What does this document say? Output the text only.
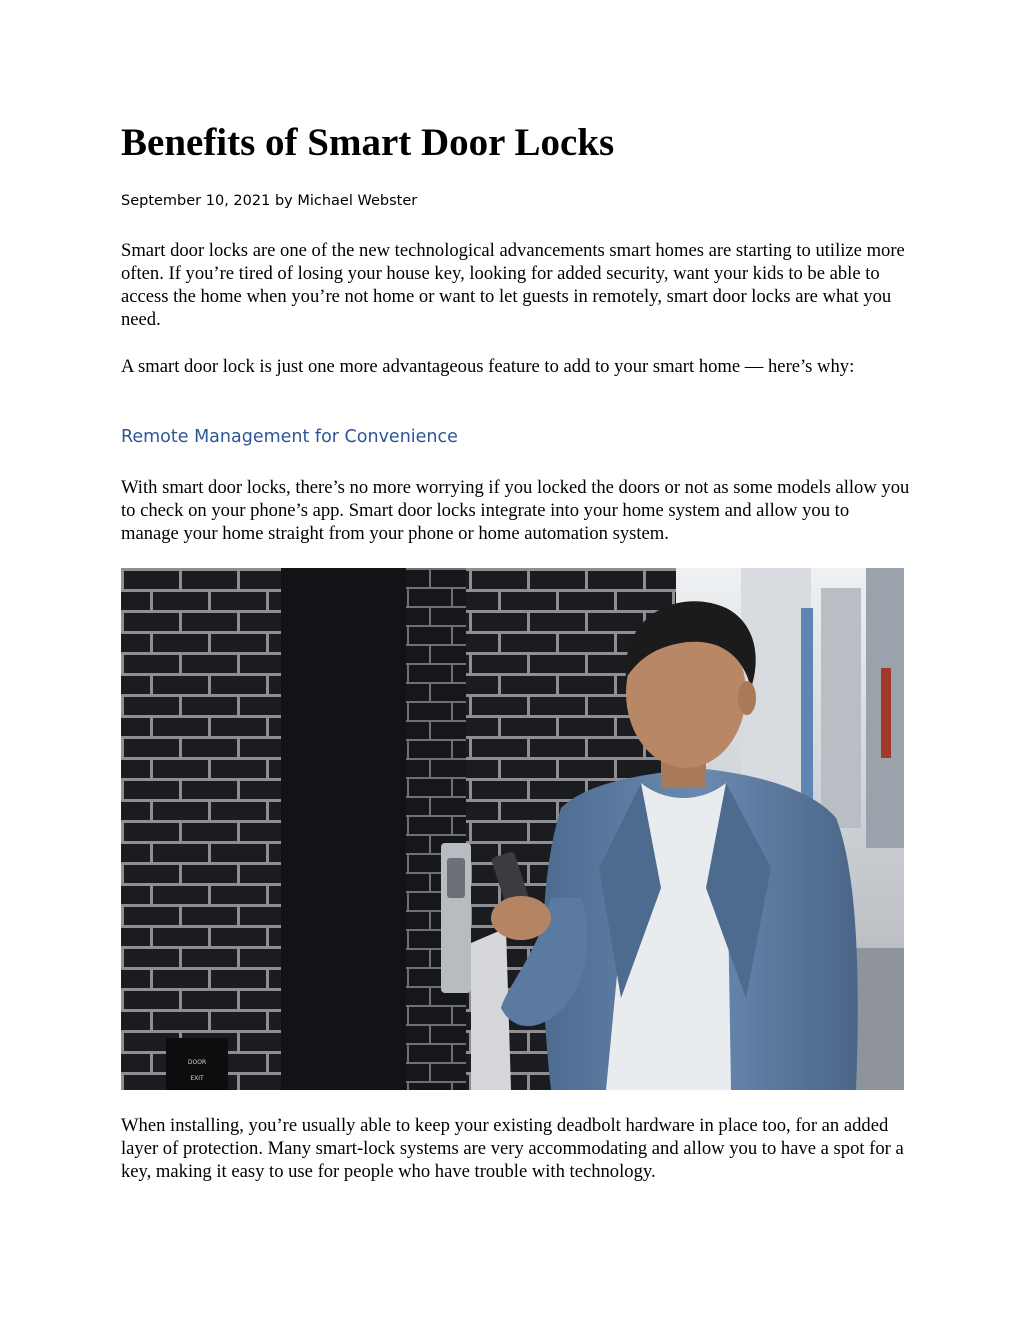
Benefits of Smart Door Locks
September 10, 2021 by Michael Webster

Smart door locks are one of the new technological advancements smart homes are starting to utilize more often. If you’re tired of losing your house key, looking for added security, want your kids to be able to access the home when you’re not home or want to let guests in remotely, smart door locks are what you need.

A smart door lock is just one more advantageous feature to add to your smart home — here’s why:

Remote Management for Convenience

With smart door locks, there’s no more worrying if you locked the doors or not as some models allow you to check on your phone’s app. Smart door locks integrate into your home system and allow you to manage your home straight from your phone or home automation system.

DOOR
EXIT

When installing, you’re usually able to keep your existing deadbolt hardware in place too, for an added layer of protection. Many smart-lock systems are very accommodating and allow you to have a spot for a key, making it easy to use for people who have trouble with technology.
